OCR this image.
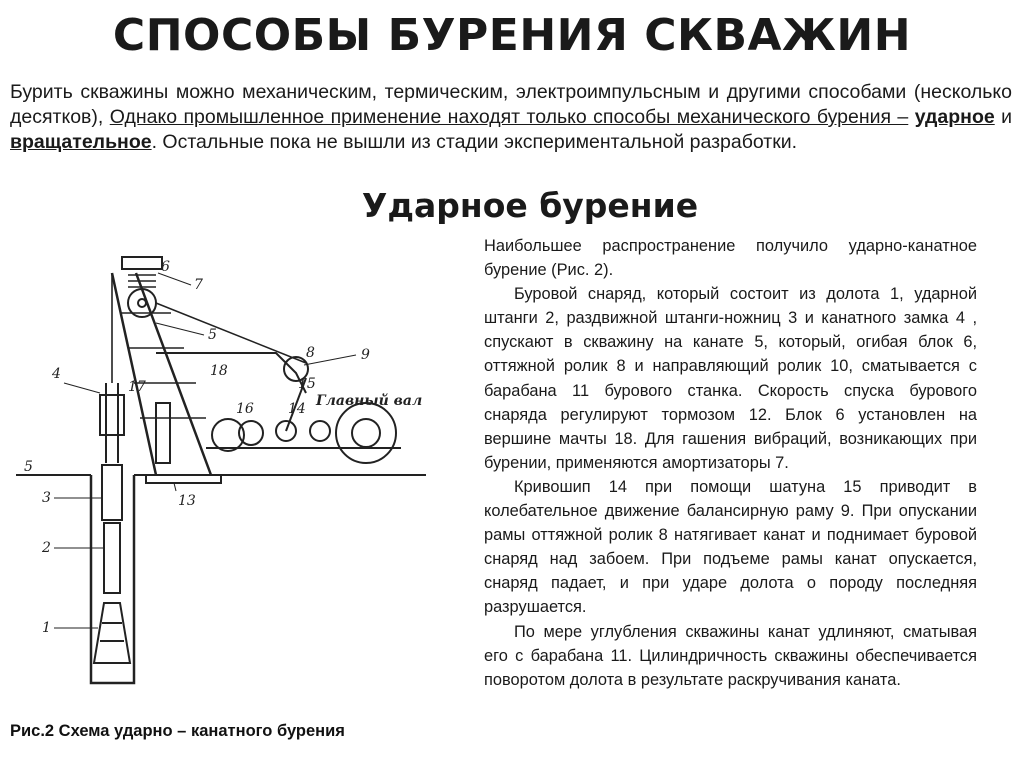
СПОСОБЫ БУРЕНИЯ СКВАЖИН
Бурить скважины можно механическим, термическим, электроимпульсным и другими способами (несколько десятков), Однако промышленное применение находят только способы механического бурения – ударное и вращательное. Остальные пока не вышли из стадии экспериментальной разработки.
Ударное бурение
6
7
5
8	9
18
15
Главный вал
17
16 14
4
5
3
2
1
13
Рис.2 Схема ударно – канатного бурения

Наибольшее распространение получило ударно-канатное бурение (Рис. 2).

Буровой снаряд, который состоит из долота 1, ударной штанги 2, раздвижной штанги-ножниц 3 и канатного замка 4 , спускают в скважину на канате 5, который, огибая блок 6, оттяжной ролик 8 и направляющий ролик 10, сматывается с барабана 11 бурового станка. Скорость спуска бурового снаряда регулируют тормозом 12. Блок 6 установлен на вершине мачты 18. Для гашения вибраций, возникающих при бурении, применяются амортизаторы 7.

Кривошип 14 при помощи шатуна 15 приводит в колебательное движение балансирную раму 9. При опускании рамы оттяжной ролик 8 натягивает канат и поднимает буровой снаряд над забоем. При подъеме рамы канат опускается, снаряд падает, и при ударе долота о породу последняя разрушается.

По мере углубления скважины канат удлиняют, сматывая его с барабана 11. Цилиндричность скважины обеспечивается поворотом долота в результате раскручивания каната.
